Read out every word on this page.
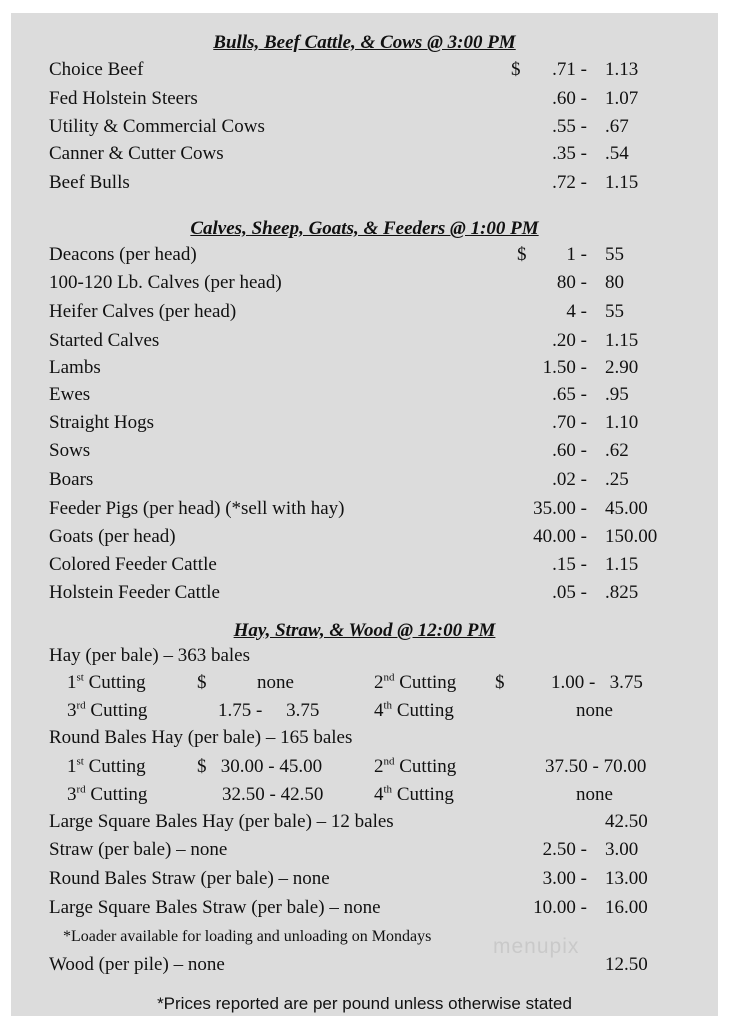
Bulls, Beef Cattle, & Cows @ 3:00 PM
Choice Beef	$	.71 - 1.13
Fed Holstein Steers	.60 - 1.07
Utility & Commercial Cows	.55 - .67
Canner & Cutter Cows	.35 - .54
Beef Bulls	.72 - 1.15
Calves, Sheep, Goats, & Feeders @ 1:00 PM
Deacons (per head)	$	1 - 55
100-120 Lb. Calves (per head)	80 - 80
Heifer Calves (per head)	4 - 55
Started Calves	.20 - 1.15
Lambs	1.50 - 2.90
Ewes	.65 - .95
Straight Hogs	.70 - 1.10
Sows	.60 - .62
Boars	.02 - .25
Feeder Pigs (per head) (*sell with hay)	35.00 - 45.00
Goats (per head)	40.00 - 150.00
Colored Feeder Cattle	.15 - 1.15
Holstein Feeder Cattle	.05 - .825
Hay, Straw, & Wood @ 12:00 PM
Hay (per bale) – 363 bales
1st Cutting	$	none	2nd Cutting $ 1.00 -   3.75
3rd Cutting	1.75 -     3.75	4th Cutting	none
Round Bales Hay (per bale) – 165 bales
1st Cutting	$   30.00 - 45.00	2nd Cutting	37.50 - 70.00
3rd Cutting	32.50 - 42.50	4th Cutting	none
Large Square Bales Hay (per bale) – 12 bales	42.50
Straw (per bale) – none	2.50 - 3.00
Round Bales Straw (per bale) – none	3.00 - 13.00
Large Square Bales Straw (per bale) – none	10.00 - 16.00
*Loader available for loading and unloading on Mondays
Wood (per pile) – none	12.50
*Prices reported are per pound unless otherwise stated
menupix
